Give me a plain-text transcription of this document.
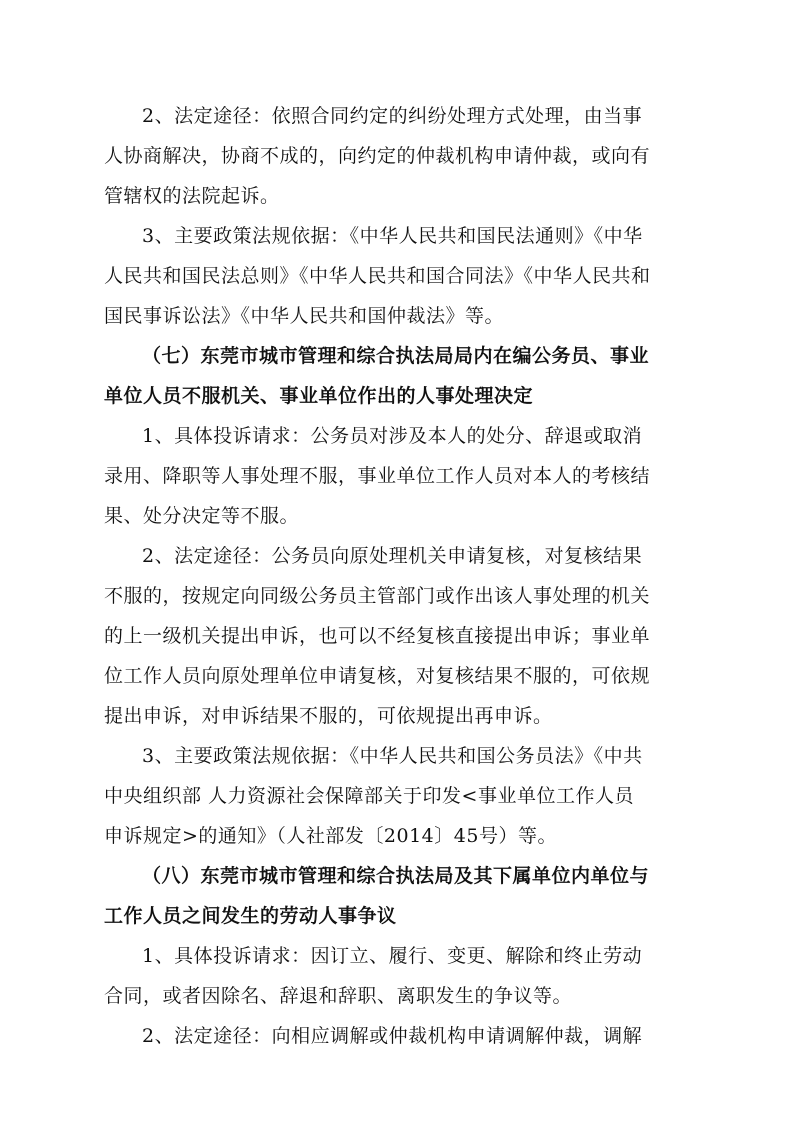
2、法定途径：依照合同约定的纠纷处理方式处理，由当事
人协商解决，协商不成的，向约定的仲裁机构申请仲裁，或向有
管辖权的法院起诉。

3、主要政策法规依据：《中华人民共和国民法通则》《中华
人民共和国民法总则》《中华人民共和国合同法》《中华人民共和
国民事诉讼法》《中华人民共和国仲裁法》等。

（七）东莞市城市管理和综合执法局局内在编公务员、事业
单位人员不服机关、事业单位作出的人事处理决定

1、具体投诉请求：公务员对涉及本人的处分、辞退或取消
录用、降职等人事处理不服，事业单位工作人员对本人的考核结
果、处分决定等不服。

2、法定途径：公务员向原处理机关申请复核，对复核结果
不服的，按规定向同级公务员主管部门或作出该人事处理的机关
的上一级机关提出申诉，也可以不经复核直接提出申诉；事业单
位工作人员向原处理单位申请复核，对复核结果不服的，可依规
提出申诉，对申诉结果不服的，可依规提出再申诉。

3、主要政策法规依据：《中华人民共和国公务员法》《中共
中央组织部 人力资源社会保障部关于印发<事业单位工作人员
申诉规定>的通知》（人社部发〔2014〕45号）等。

（八）东莞市城市管理和综合执法局及其下属单位内单位与
工作人员之间发生的劳动人事争议

1、具体投诉请求：因订立、履行、变更、解除和终止劳动
合同，或者因除名、辞退和辞职、离职发生的争议等。

2、法定途径：向相应调解或仲裁机构申请调解仲裁，调解
